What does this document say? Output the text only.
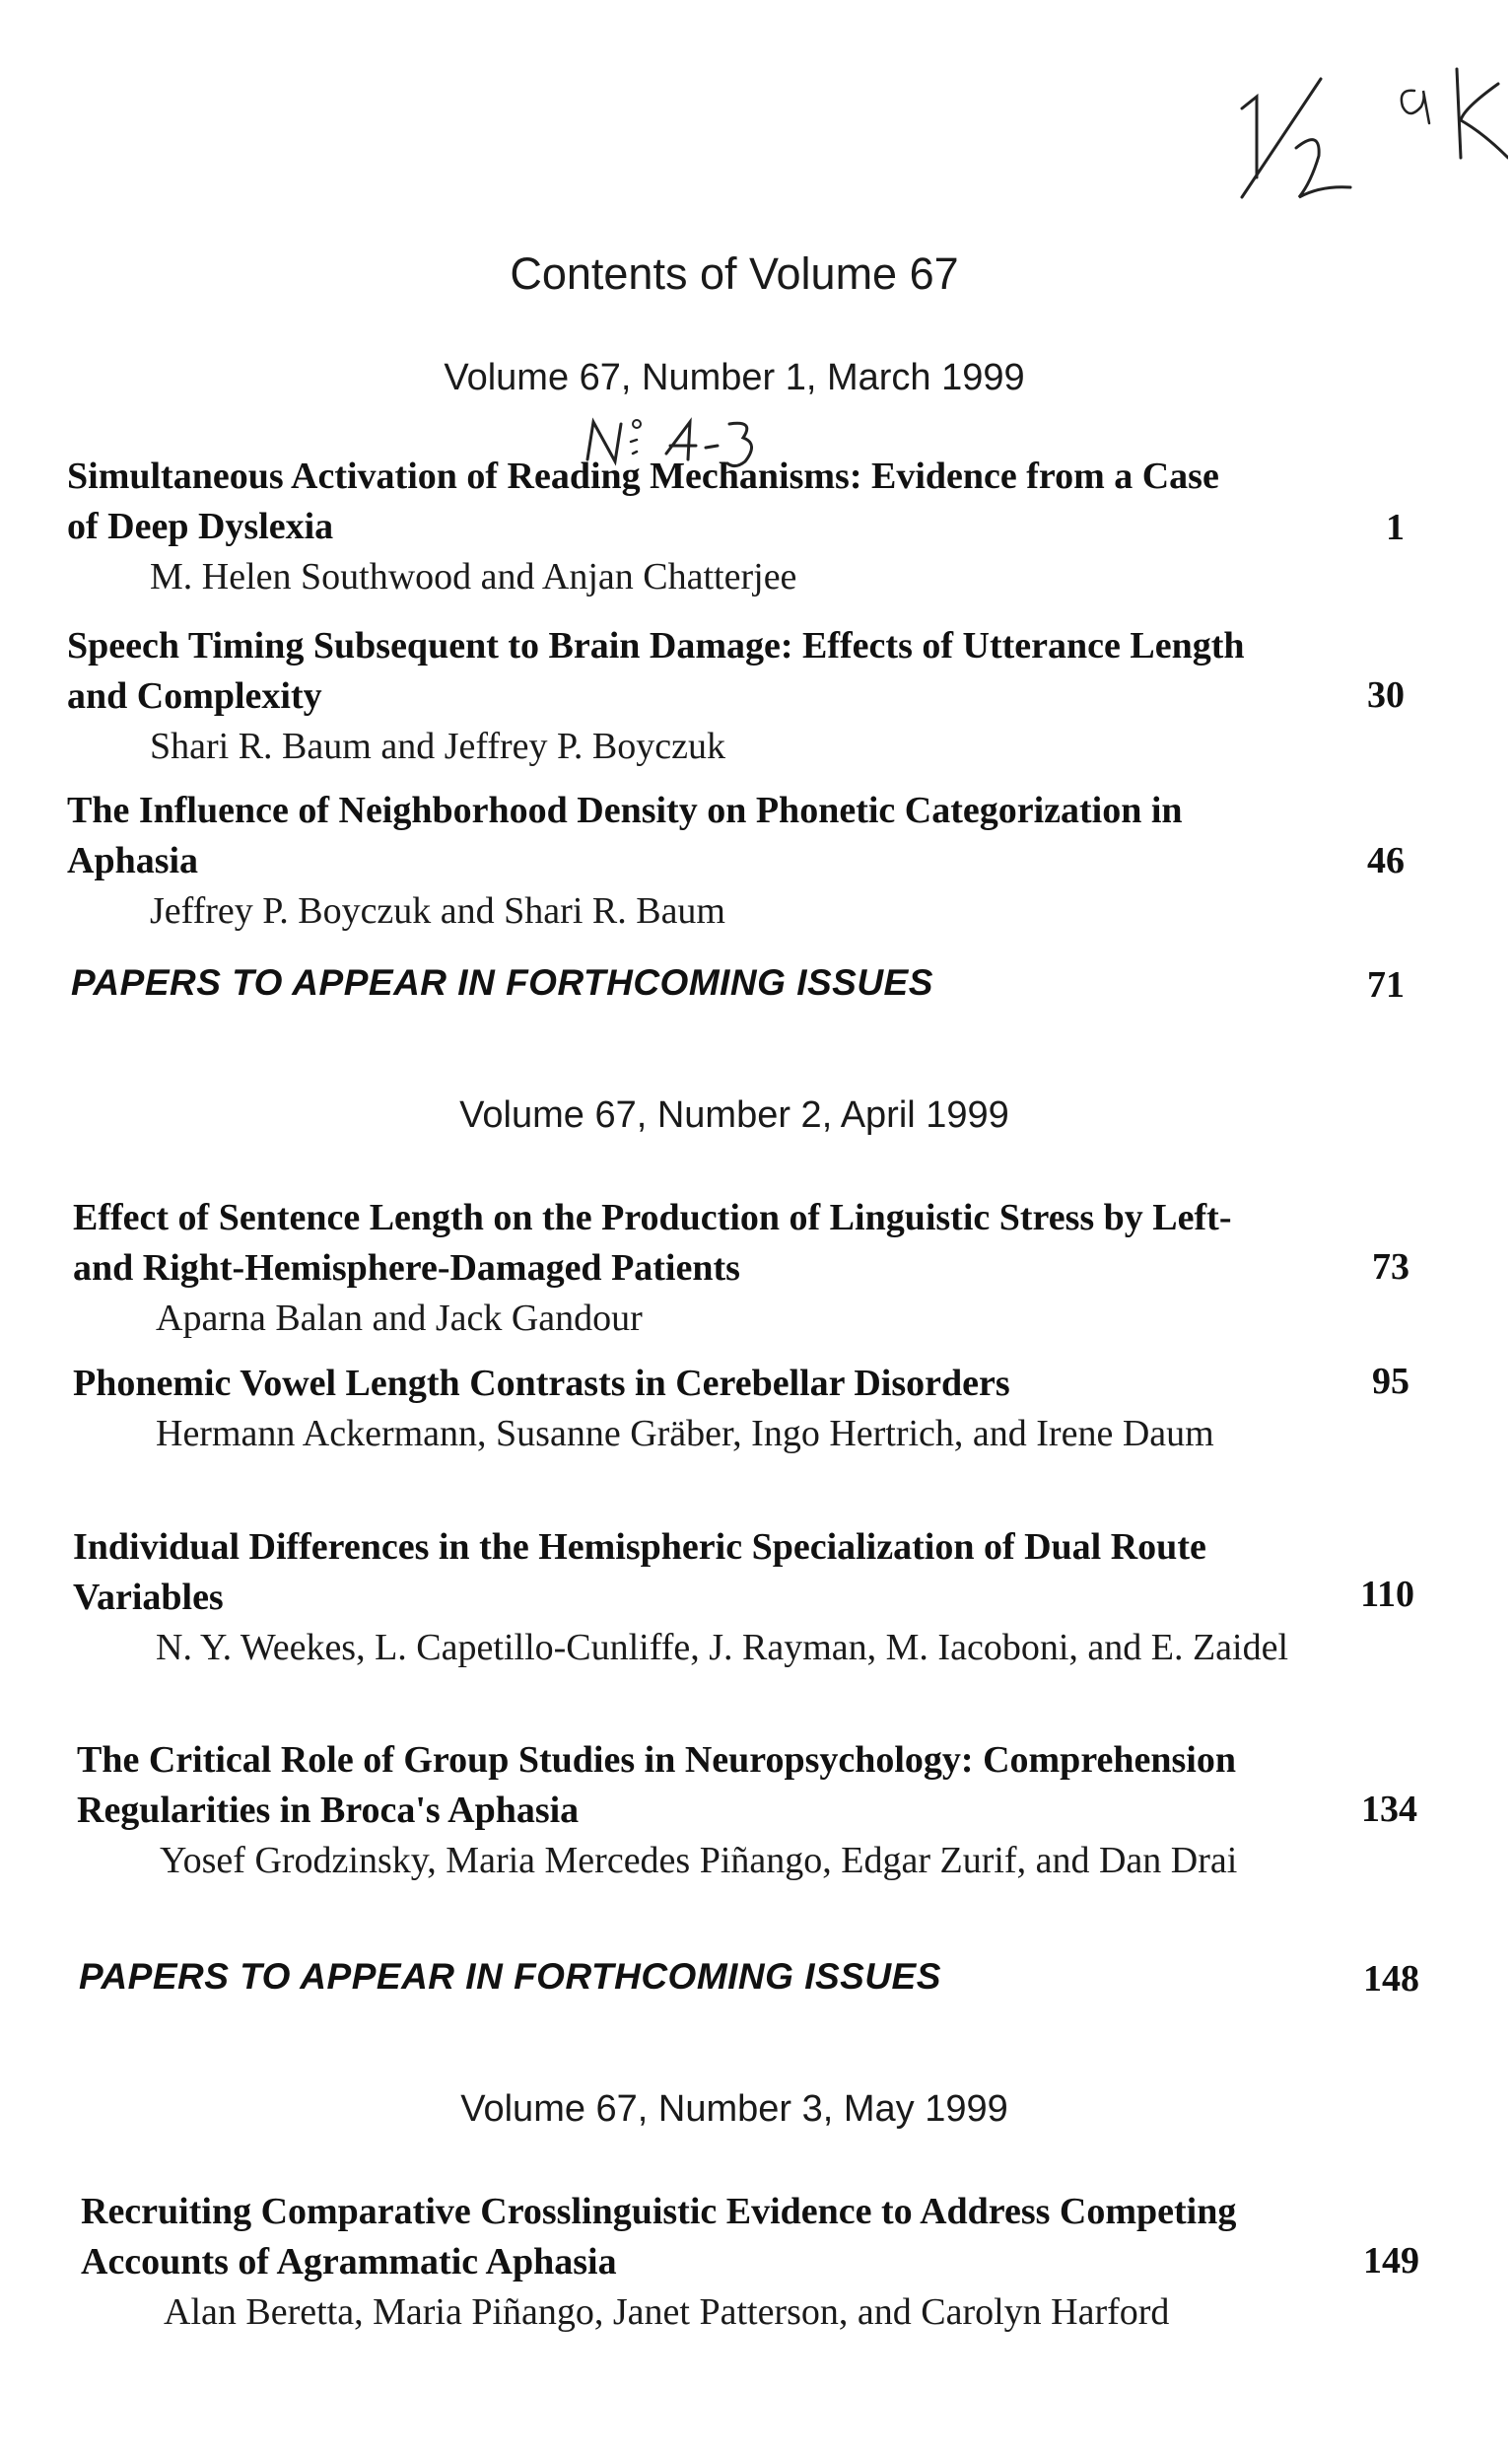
Contents of Volume 67
Volume 67, Number 1, March 1999
Simultaneous Activation of Reading Mechanisms: Evidence from a Case of Deep Dyslexia
M. Helen Southwood and Anjan Chatterjee
1
Speech Timing Subsequent to Brain Damage: Effects of Utterance Length and Complexity
Shari R. Baum and Jeffrey P. Boyczuk
30
The Influence of Neighborhood Density on Phonetic Categorization in Aphasia
Jeffrey P. Boyczuk and Shari R. Baum
46
PAPERS TO APPEAR IN FORTHCOMING ISSUES	71
Volume 67, Number 2, April 1999
Effect of Sentence Length on the Production of Linguistic Stress by Left- and Right-Hemisphere-Damaged Patients
Aparna Balan and Jack Gandour
73
Phonemic Vowel Length Contrasts in Cerebellar Disorders
Hermann Ackermann, Susanne Gräber, Ingo Hertrich, and Irene Daum
95
Individual Differences in the Hemispheric Specialization of Dual Route Variables
N. Y. Weekes, L. Capetillo-Cunliffe, J. Rayman, M. Iacoboni, and E. Zaidel
110
The Critical Role of Group Studies in Neuropsychology: Comprehension Regularities in Broca's Aphasia
Yosef Grodzinsky, Maria Mercedes Piñango, Edgar Zurif, and Dan Drai
134
PAPERS TO APPEAR IN FORTHCOMING ISSUES	148
Volume 67, Number 3, May 1999
Recruiting Comparative Crosslinguistic Evidence to Address Competing Accounts of Agrammatic Aphasia
Alan Beretta, Maria Piñango, Janet Patterson, and Carolyn Harford
149
